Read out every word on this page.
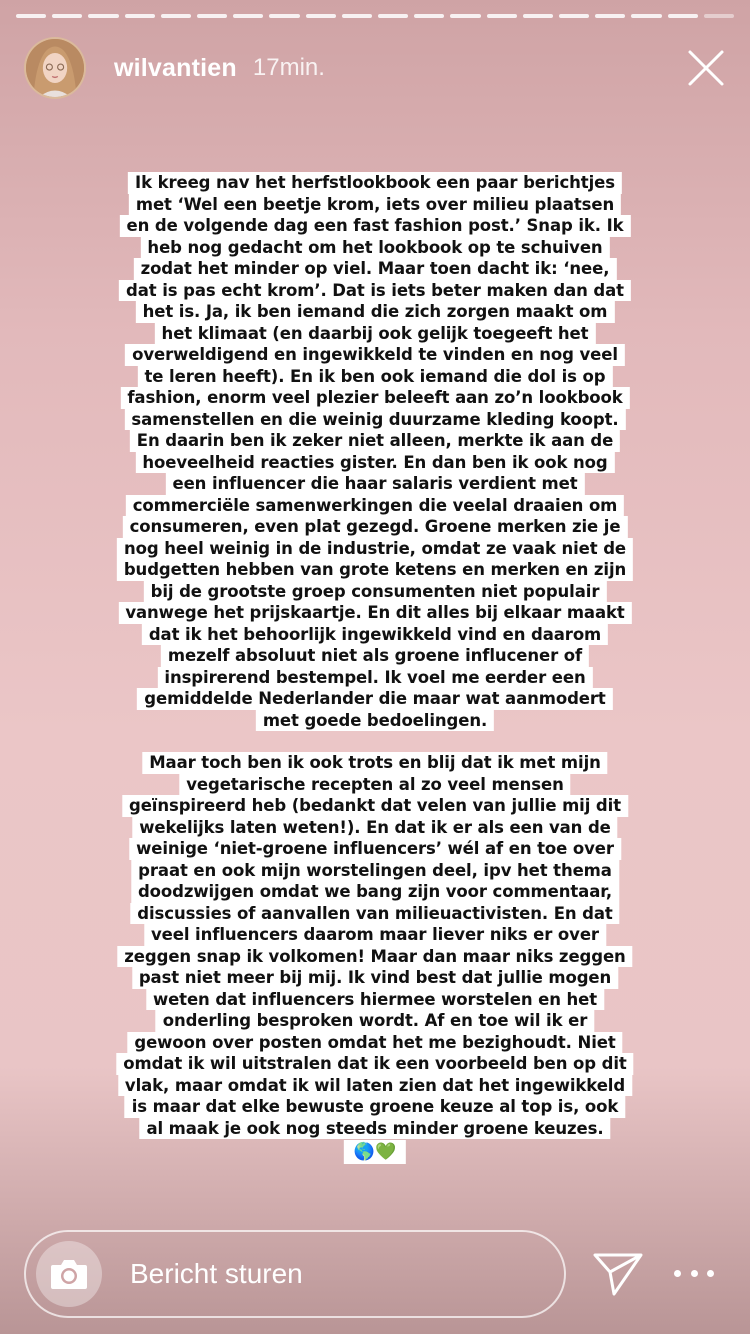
wilvantien 17min.

Ik kreeg nav het herfstlookbook een paar berichtjes

met ‘Wel een beetje krom, iets over milieu plaatsen

en de volgende dag een fast fashion post.’ Snap ik. Ik

heb nog gedacht om het lookbook op te schuiven

zodat het minder op viel. Maar toen dacht ik: ‘nee,

dat is pas echt krom’. Dat is iets beter maken dan dat

het is. Ja, ik ben iemand die zich zorgen maakt om

het klimaat (en daarbij ook gelijk toegeeft het

overweldigend en ingewikkeld te vinden en nog veel

te leren heeft). En ik ben ook iemand die dol is op

fashion, enorm veel plezier beleeft aan zo’n lookbook

samenstellen en die weinig duurzame kleding koopt.

En daarin ben ik zeker niet alleen, merkte ik aan de

hoeveelheid reacties gister. En dan ben ik ook nog

een influencer die haar salaris verdient met

commerciële samenwerkingen die veelal draaien om

consumeren, even plat gezegd. Groene merken zie je

nog heel weinig in de industrie, omdat ze vaak niet de

budgetten hebben van grote ketens en merken en zijn

bij de grootste groep consumenten niet populair

vanwege het prijskaartje. En dit alles bij elkaar maakt

dat ik het behoorlijk ingewikkeld vind en daarom

mezelf absoluut niet als groene influcener of

inspirerend bestempel. Ik voel me eerder een

gemiddelde Nederlander die maar wat aanmodert

met goede bedoelingen.

Maar toch ben ik ook trots en blij dat ik met mijn

vegetarische recepten al zo veel mensen

geïnspireerd heb (bedankt dat velen van jullie mij dit

wekelijks laten weten!). En dat ik er als een van de

weinige ‘niet-groene influencers’ wél af en toe over

praat en ook mijn worstelingen deel, ipv het thema

doodzwijgen omdat we bang zijn voor commentaar,

discussies of aanvallen van milieuactivisten. En dat

veel influencers daarom maar liever niks er over

zeggen snap ik volkomen! Maar dan maar niks zeggen

past niet meer bij mij. Ik vind best dat jullie mogen

weten dat influencers hiermee worstelen en het

onderling besproken wordt. Af en toe wil ik er

gewoon over posten omdat het me bezighoudt. Niet

omdat ik wil uitstralen dat ik een voorbeeld ben op dit

vlak, maar omdat ik wil laten zien dat het ingewikkeld

is maar dat elke bewuste groene keuze al top is, ook

al maak je ook nog steeds minder groene keuzes.

🌎💚
Bericht sturen
